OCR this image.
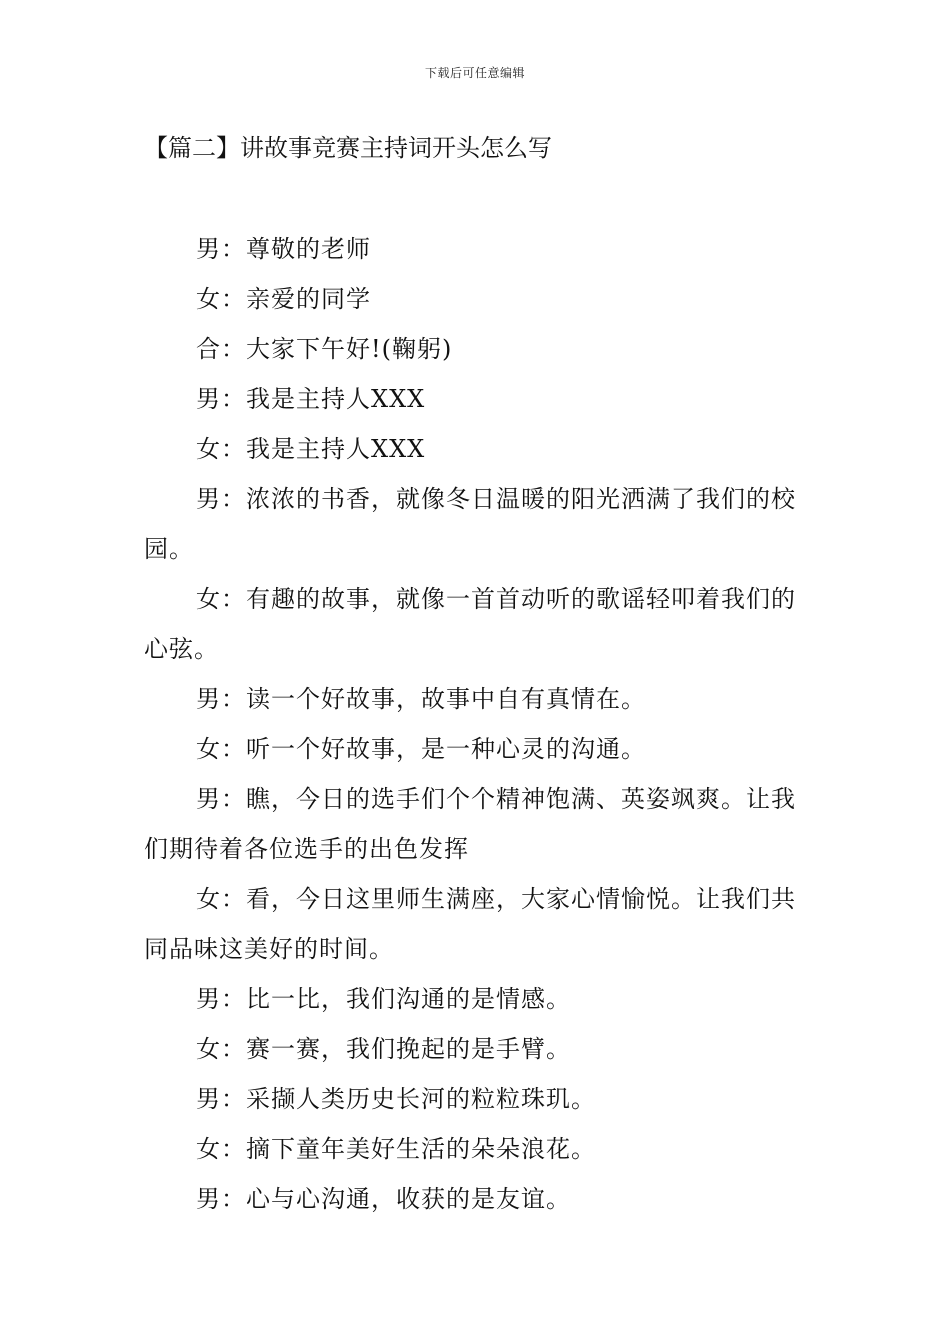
下载后可任意编辑
【篇二】讲故事竞赛主持词开头怎么写

男：尊敬的老师

女：亲爱的同学

合：大家下午好!(鞠躬)

男：我是主持人XXX

女：我是主持人XXX

男：浓浓的书香，就像冬日温暖的阳光洒满了我们的校园。

女：有趣的故事，就像一首首动听的歌谣轻叩着我们的心弦。

男：读一个好故事，故事中自有真情在。

女：听一个好故事，是一种心灵的沟通。

男：瞧，今日的选手们个个精神饱满、英姿飒爽。让我们期待着各位选手的出色发挥

女：看，今日这里师生满座，大家心情愉悦。让我们共同品味这美好的时间。

男：比一比，我们沟通的是情感。

女：赛一赛，我们挽起的是手臂。

男：采撷人类历史长河的粒粒珠玑。

女：摘下童年美好生活的朵朵浪花。

男：心与心沟通，收获的是友谊。
